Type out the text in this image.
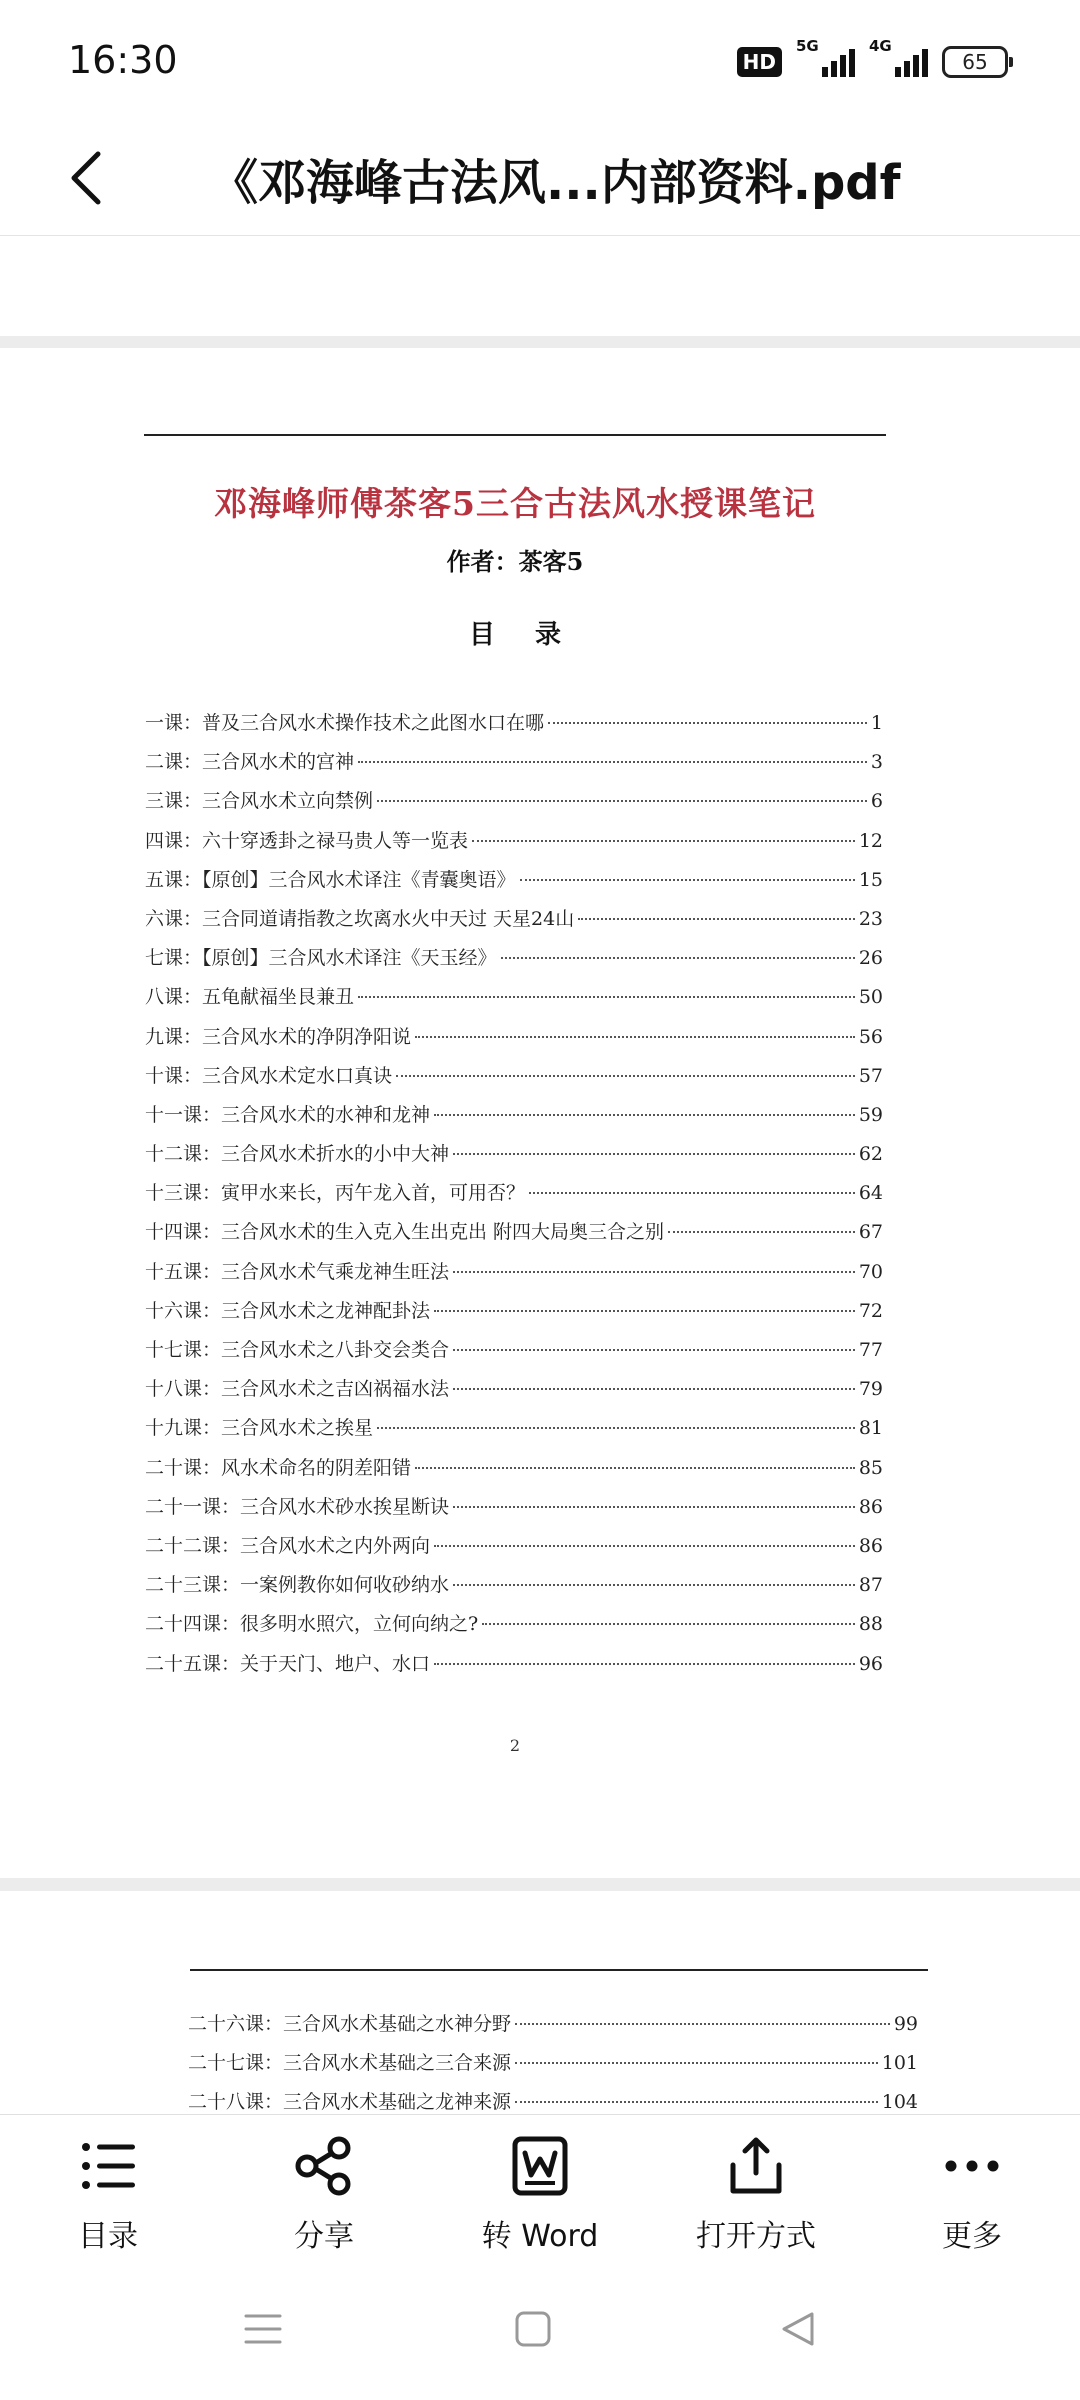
16:30	HD
5G	4G
65
《邓海峰古法风...内部资料.pdf
邓海峰师傅茶客5三合古法风水授课笔记
作者：茶客5
目录
一课：普及三合风水术操作技术之此图水口在哪	1
二课：三合风水术的宫神	3
三课：三合风水术立向禁例	6
四课：六十穿透卦之禄马贵人等一览表	12
五课：【原创】三合风水术译注《青囊奥语》	15
六课：三合同道请指教之坎离水火中天过 天星24山	23
七课：【原创】三合风水术译注《天玉经》	26
八课：五龟献福坐艮兼丑	50
九课：三合风水术的净阴净阳说	56
十课：三合风水术定水口真诀	57
十一课：三合风水术的水神和龙神	59
十二课：三合风水术折水的小中大神	62
十三课：寅甲水来长，丙午龙入首，可用否？	64
十四课：三合风水术的生入克入生出克出 附四大局奥三合之别	67
十五课：三合风水术气乘龙神生旺法	70
十六课：三合风水术之龙神配卦法	72
十七课：三合风水术之八卦交会类合	77
十八课：三合风水术之吉凶祸福水法	79
十九课：三合风水术之挨星	81
二十课：风水术命名的阴差阳错	85
二十一课：三合风水术砂水挨星断诀	86
二十二课：三合风水术之内外两向	86
二十三课：一案例教你如何收砂纳水	87
二十四课：很多明水照穴，立何向纳之?	88
二十五课：关于天门、地户、水口	96
2
二十六课：三合风水术基础之水神分野	99
二十七课：三合风水术基础之三合来源	101
二十八课：三合风水术基础之龙神来源	104
目录	分享	转 Word	打开方式	更多
